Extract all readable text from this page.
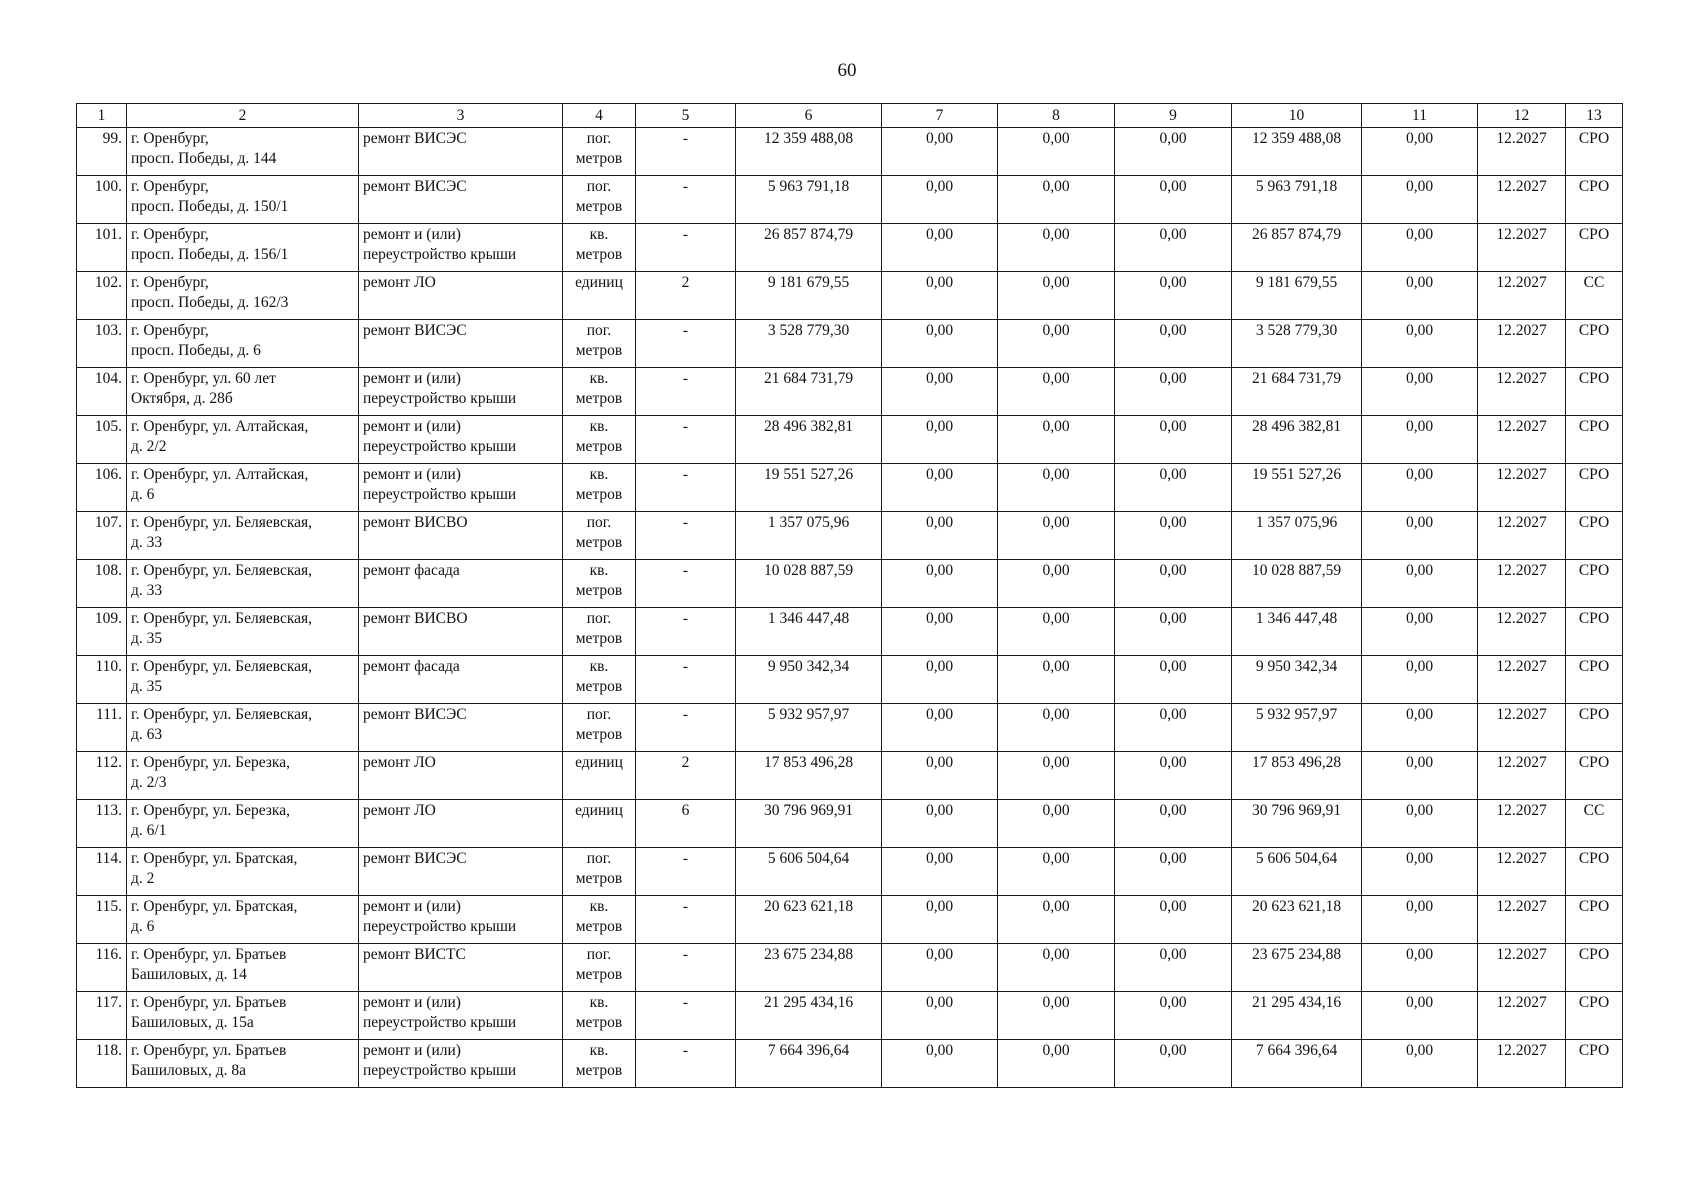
60
1	2	3	4	5	6	7	8	9	10	11	12	13

99.	г. Оренбург,
просп. Победы, д. 144	ремонт ВИСЭС	пог.
метров	-	12 359 488,08	0,00	0,00	0,00	12 359 488,08	0,00	12.2027	СРО

100.	г. Оренбург,
просп. Победы, д. 150/1	ремонт ВИСЭС	пог.
метров	-	5 963 791,18	0,00	0,00	0,00	5 963 791,18	0,00	12.2027	СРО

101.	г. Оренбург,
просп. Победы, д. 156/1	ремонт и (или)
переустройство крыши	кв.
метров	-	26 857 874,79	0,00	0,00	0,00	26 857 874,79	0,00	12.2027	СРО

102.	г. Оренбург,
просп. Победы, д. 162/3	ремонт ЛО	единиц	2	9 181 679,55	0,00	0,00	0,00	9 181 679,55	0,00	12.2027	СС

103.	г. Оренбург,
просп. Победы, д. 6	ремонт ВИСЭС	пог.
метров	-	3 528 779,30	0,00	0,00	0,00	3 528 779,30	0,00	12.2027	СРО

104.	г. Оренбург, ул. 60 лет
Октября, д. 28б	ремонт и (или)
переустройство крыши	кв.
метров	-	21 684 731,79	0,00	0,00	0,00	21 684 731,79	0,00	12.2027	СРО

105.	г. Оренбург, ул. Алтайская,
д. 2/2	ремонт и (или)
переустройство крыши	кв.
метров	-	28 496 382,81	0,00	0,00	0,00	28 496 382,81	0,00	12.2027	СРО

106.	г. Оренбург, ул. Алтайская,
д. 6	ремонт и (или)
переустройство крыши	кв.
метров	-	19 551 527,26	0,00	0,00	0,00	19 551 527,26	0,00	12.2027	СРО

107.	г. Оренбург, ул. Беляевская,
д. 33	ремонт ВИСВО	пог.
метров	-	1 357 075,96	0,00	0,00	0,00	1 357 075,96	0,00	12.2027	СРО

108.	г. Оренбург, ул. Беляевская,
д. 33	ремонт фасада	кв.
метров	-	10 028 887,59	0,00	0,00	0,00	10 028 887,59	0,00	12.2027	СРО

109.	г. Оренбург, ул. Беляевская,
д. 35	ремонт ВИСВО	пог.
метров	-	1 346 447,48	0,00	0,00	0,00	1 346 447,48	0,00	12.2027	СРО

110.	г. Оренбург, ул. Беляевская,
д. 35	ремонт фасада	кв.
метров	-	9 950 342,34	0,00	0,00	0,00	9 950 342,34	0,00	12.2027	СРО

111.	г. Оренбург, ул. Беляевская,
д. 63	ремонт ВИСЭС	пог.
метров	-	5 932 957,97	0,00	0,00	0,00	5 932 957,97	0,00	12.2027	СРО

112.	г. Оренбург, ул. Березка,
д. 2/3	ремонт ЛО	единиц	2	17 853 496,28	0,00	0,00	0,00	17 853 496,28	0,00	12.2027	СРО

113.	г. Оренбург, ул. Березка,
д. 6/1	ремонт ЛО	единиц	6	30 796 969,91	0,00	0,00	0,00	30 796 969,91	0,00	12.2027	СС

114.	г. Оренбург, ул. Братская,
д. 2	ремонт ВИСЭС	пог.
метров	-	5 606 504,64	0,00	0,00	0,00	5 606 504,64	0,00	12.2027	СРО

115.	г. Оренбург, ул. Братская,
д. 6	ремонт и (или)
переустройство крыши	кв.
метров	-	20 623 621,18	0,00	0,00	0,00	20 623 621,18	0,00	12.2027	СРО

116.	г. Оренбург, ул. Братьев
Башиловых, д. 14	ремонт ВИСТС	пог.
метров	-	23 675 234,88	0,00	0,00	0,00	23 675 234,88	0,00	12.2027	СРО

117.	г. Оренбург, ул. Братьев
Башиловых, д. 15а	ремонт и (или)
переустройство крыши	кв.
метров	-	21 295 434,16	0,00	0,00	0,00	21 295 434,16	0,00	12.2027	СРО

118.	г. Оренбург, ул. Братьев
Башиловых, д. 8а	ремонт и (или)
переустройство крыши	кв.
метров	-	7 664 396,64	0,00	0,00	0,00	7 664 396,64	0,00	12.2027	СРО
